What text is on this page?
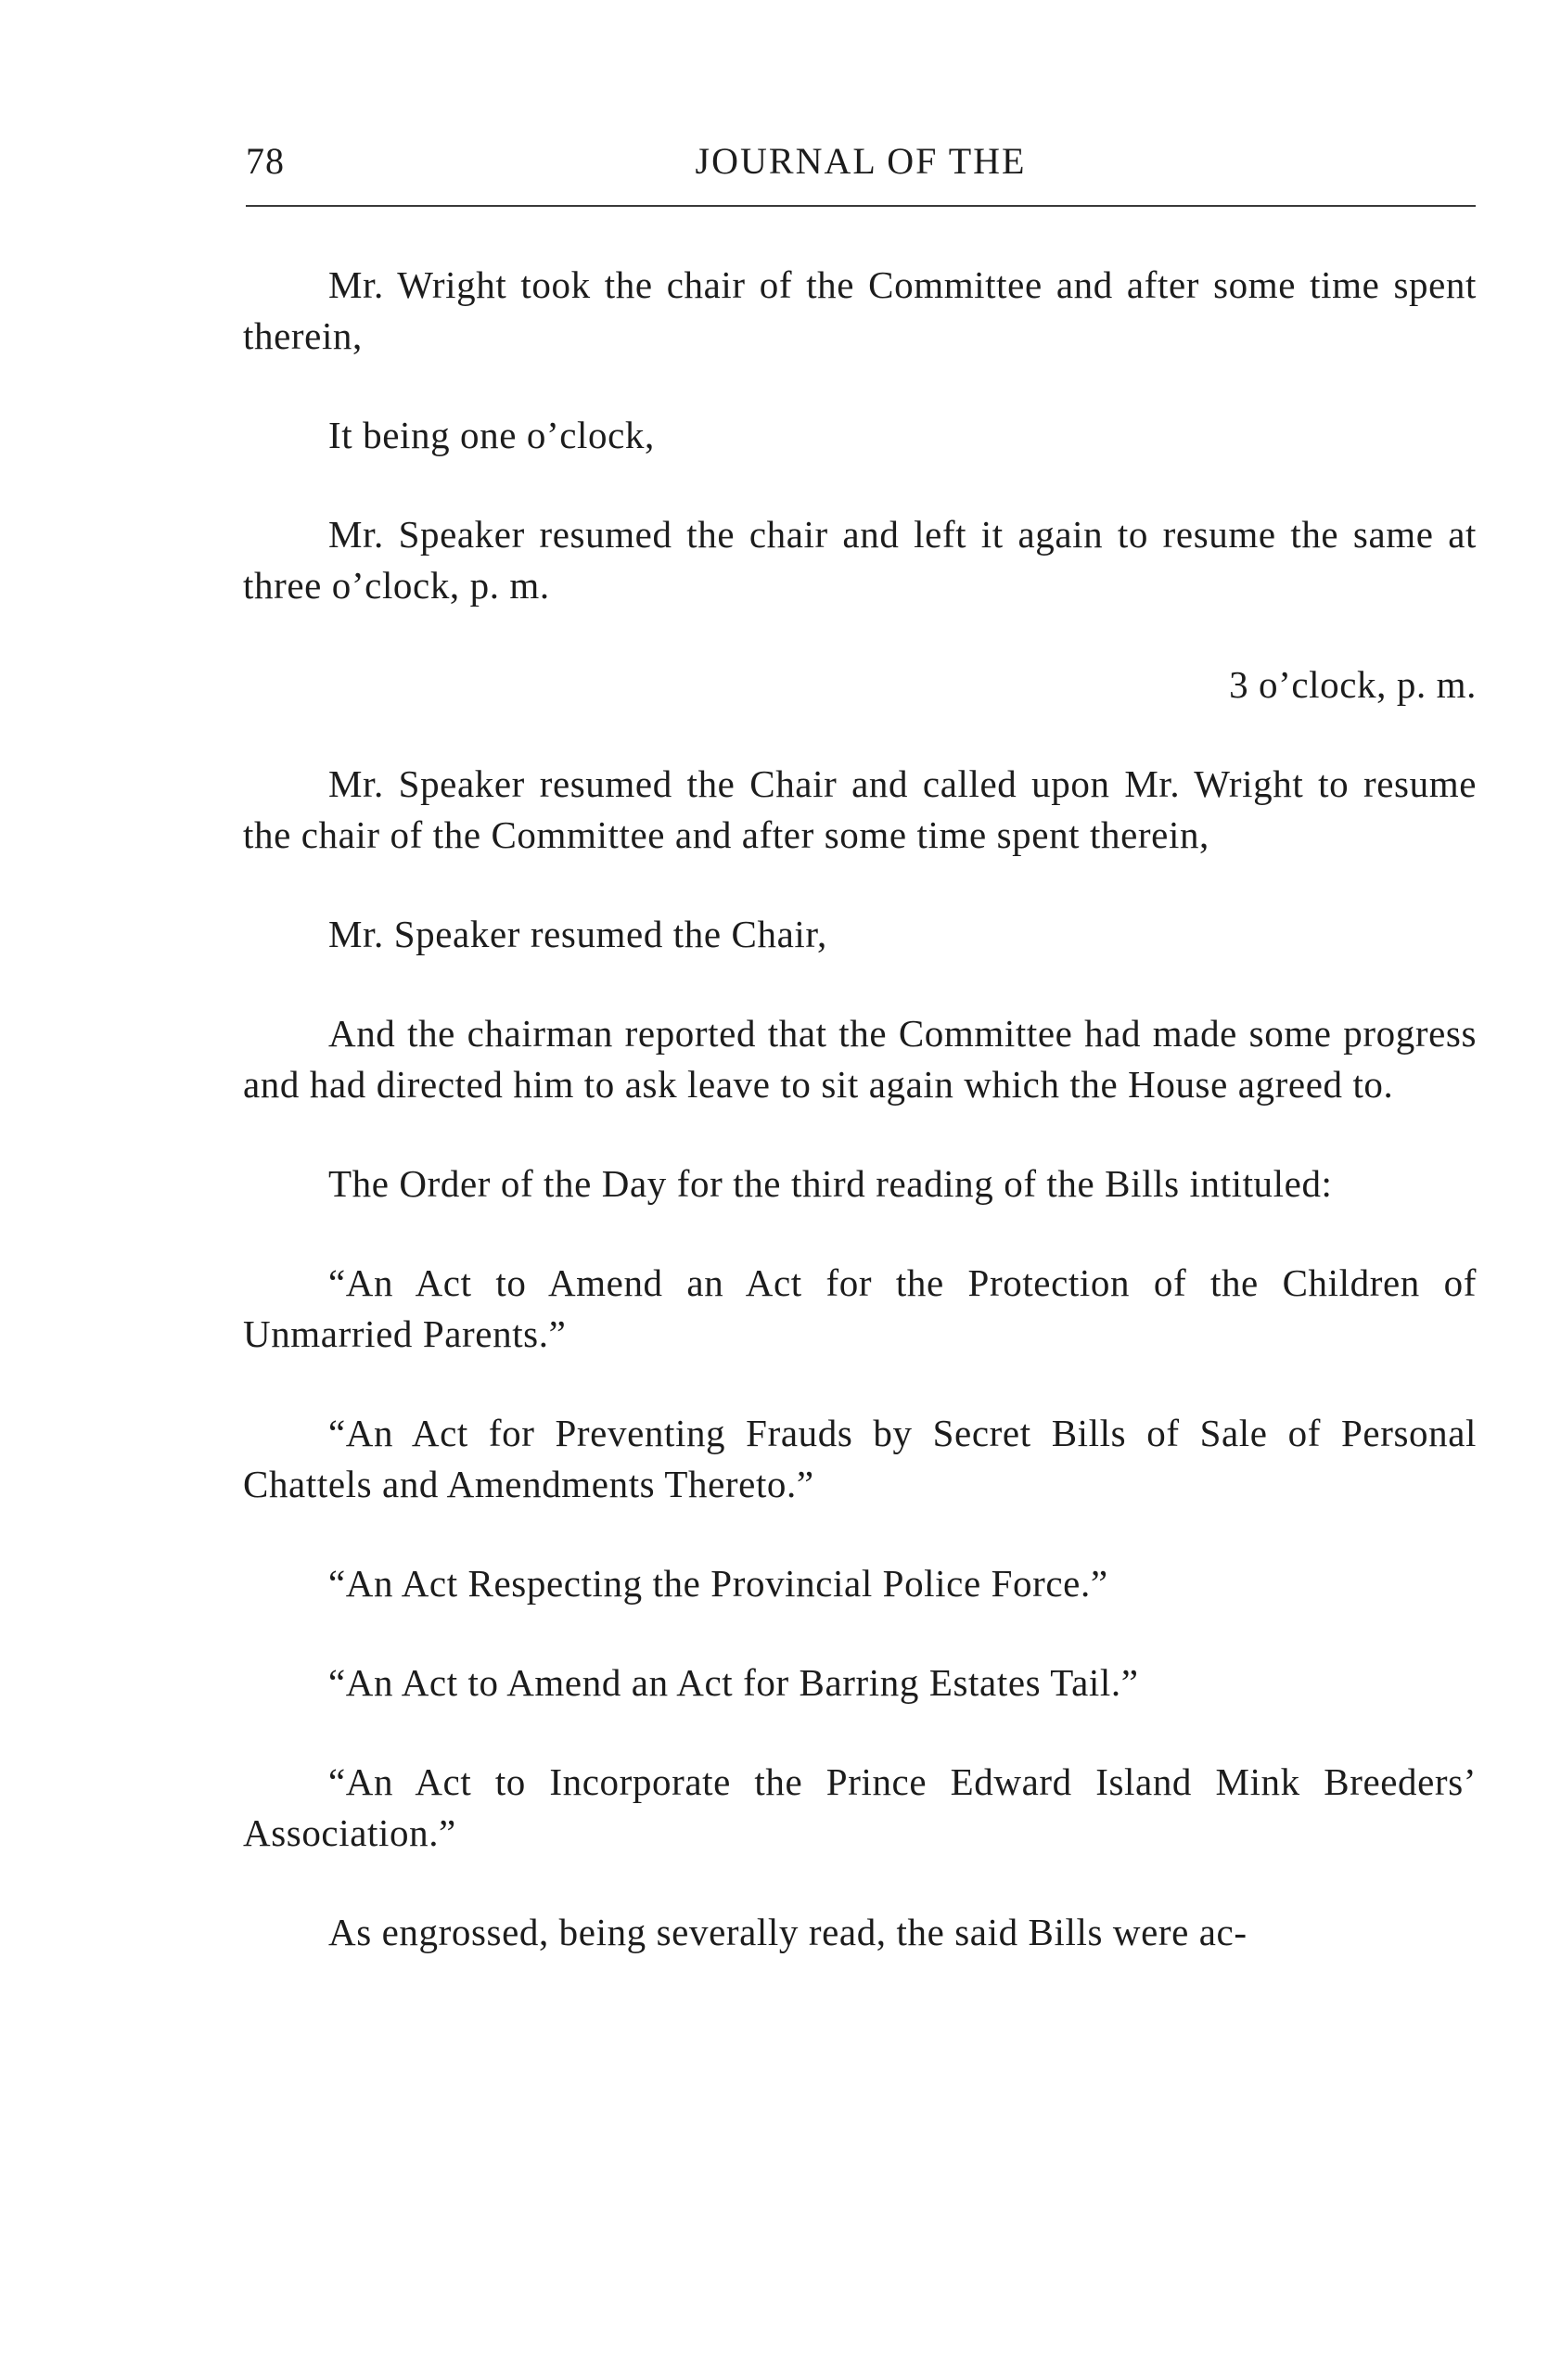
78	JOURNAL OF THE

Mr. Wright took the chair of the Committee and after some time spent therein,

It being one o’clock,

Mr. Speaker resumed the chair and left it again to resume the same at three o’clock, p. m.

3 o’clock, p. m.

Mr. Speaker resumed the Chair and called upon Mr. Wright to resume the chair of the Committee and after some time spent therein,

Mr. Speaker resumed the Chair,

And the chairman reported that the Committee had made some progress and had directed him to ask leave to sit again which the House agreed to.

The Order of the Day for the third reading of the Bills intituled:

“An Act to Amend an Act for the Protection of the Children of Unmarried Parents.”

“An Act for Preventing Frauds by Secret Bills of Sale of Personal Chattels and Amendments Thereto.”

“An Act Respecting the Provincial Police Force.”

“An Act to Amend an Act for Barring Estates Tail.”

“An Act to Incorporate the Prince Edward Island Mink Breeders’ Association.”

As engrossed, being severally read, the said Bills were ac-
